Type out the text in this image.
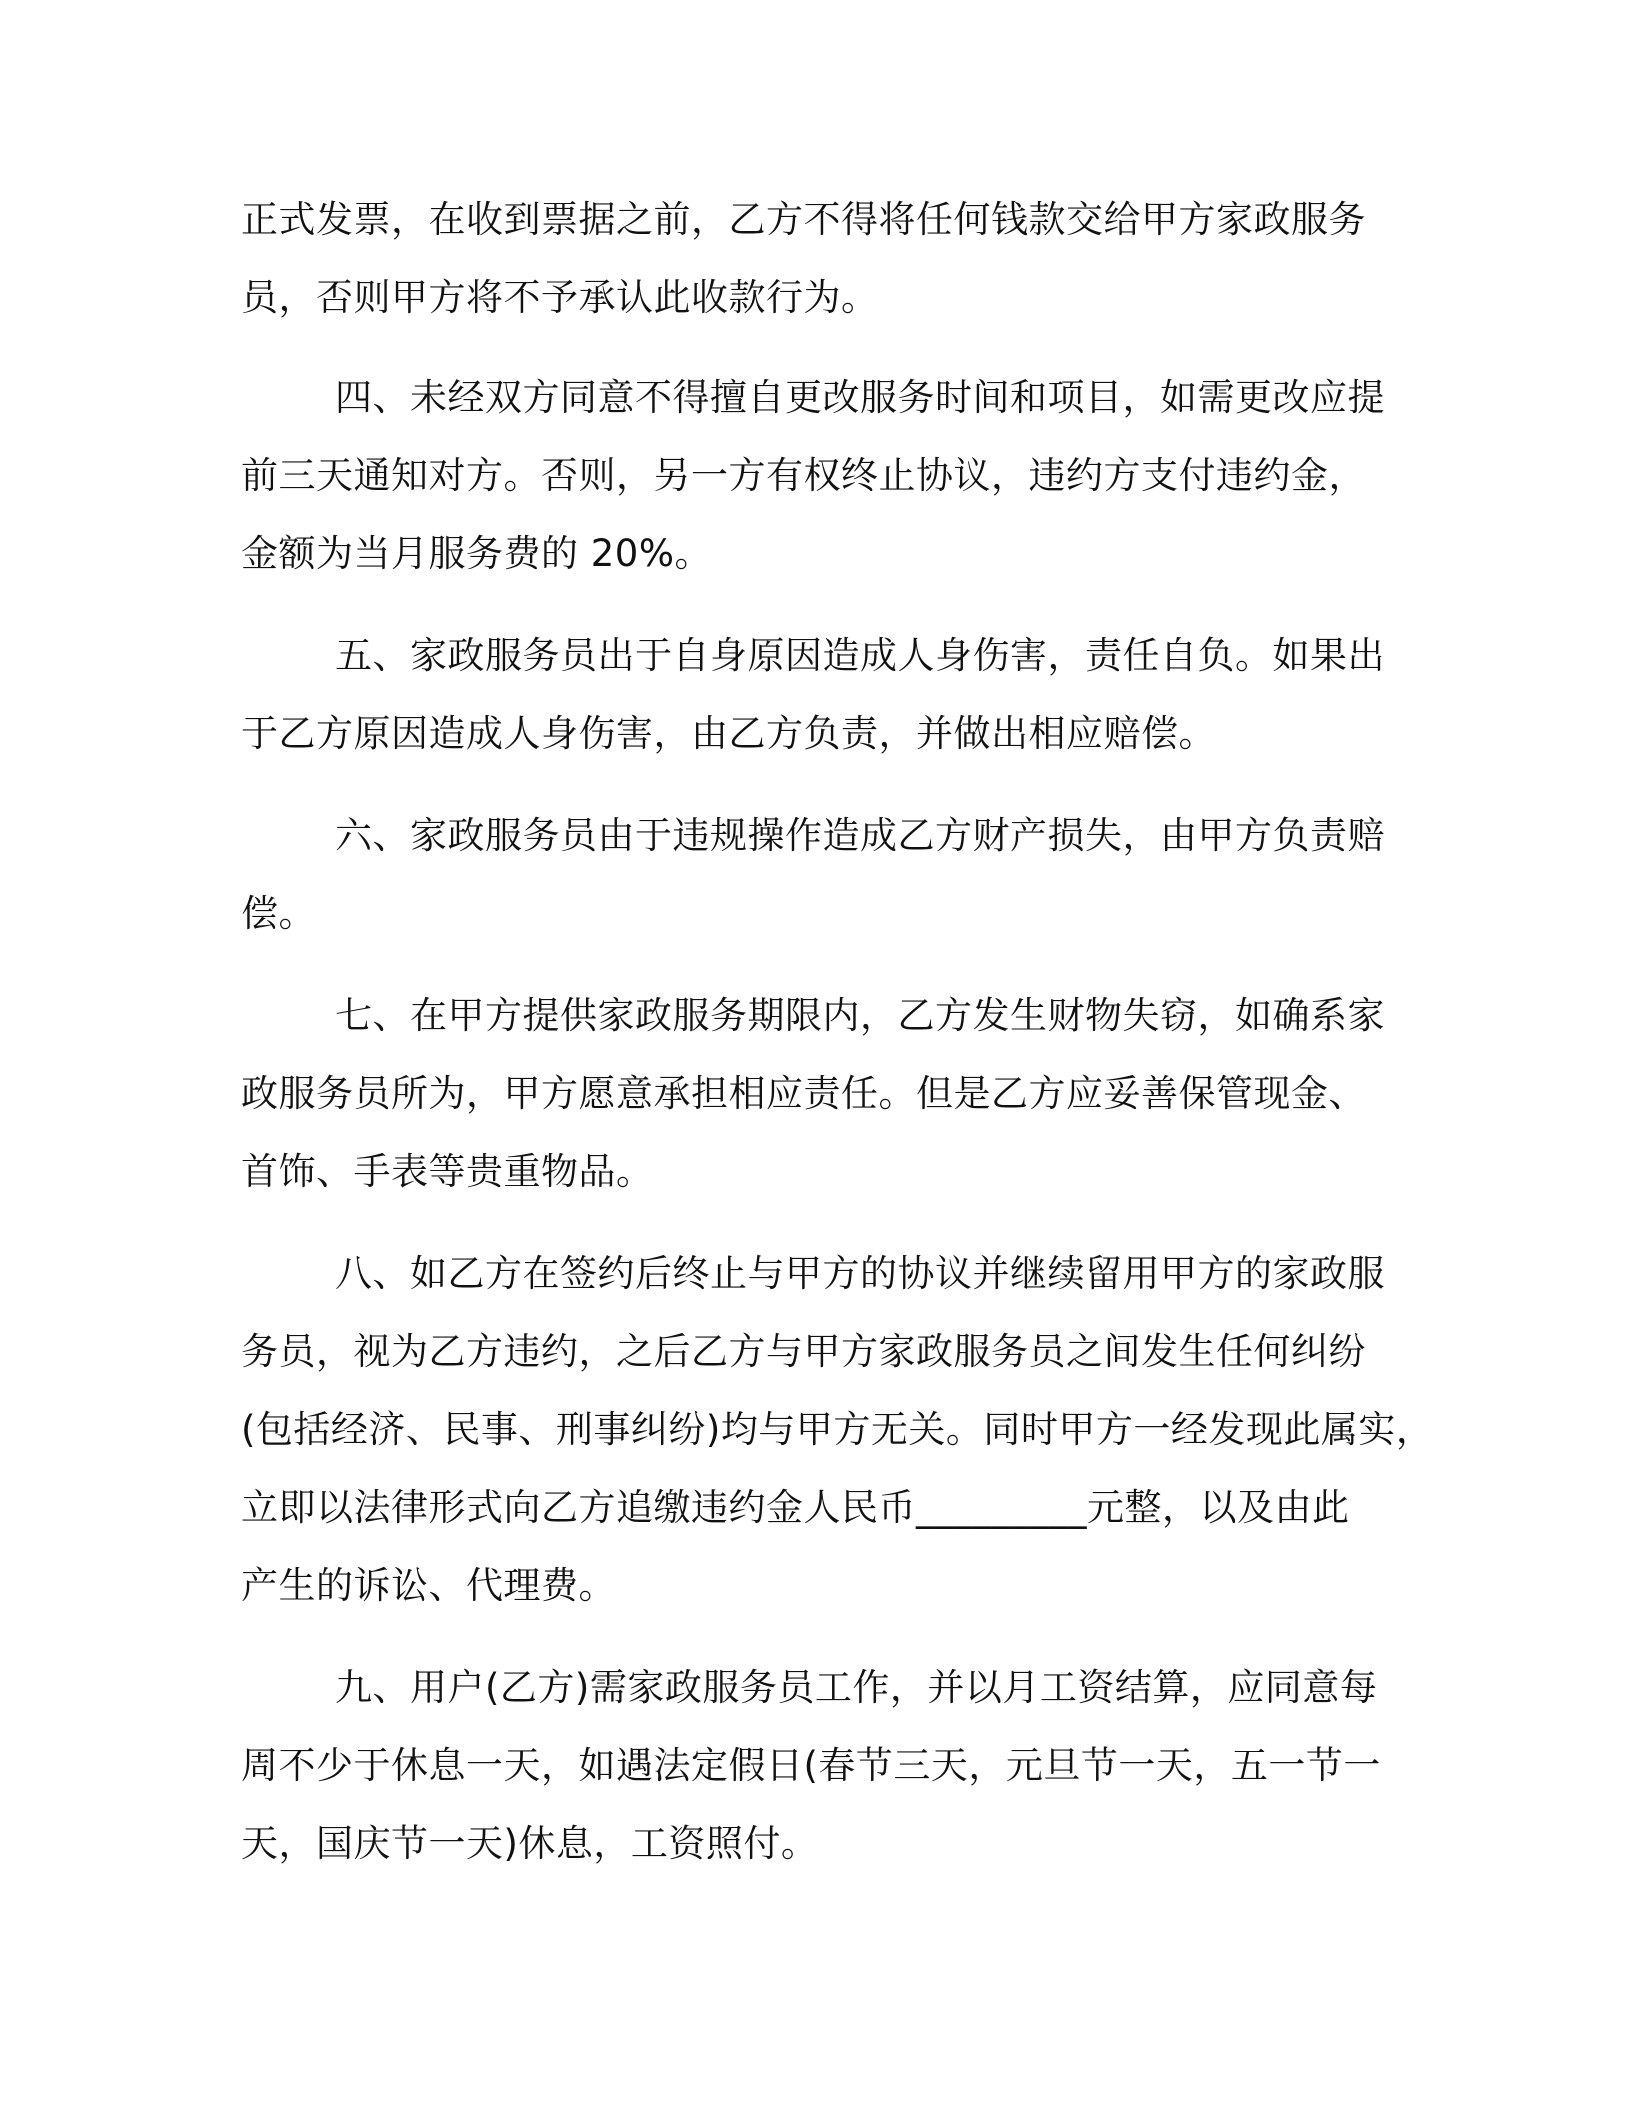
正式发票，在收到票据之前，乙方不得将任何钱款交给甲方家政服务
员，否则甲方将不予承认此收款行为。
四、未经双方同意不得擅自更改服务时间和项目，如需更改应提
前三天通知对方。否则，另一方有权终止协议，违约方支付违约金，
金额为当月服务费的 20%。
五、家政服务员出于自身原因造成人身伤害，责任自负。如果出
于乙方原因造成人身伤害，由乙方负责，并做出相应赔偿。
六、家政服务员由于违规操作造成乙方财产损失，由甲方负责赔
偿。
七、在甲方提供家政服务期限内，乙方发生财物失窃，如确系家
政服务员所为，甲方愿意承担相应责任。但是乙方应妥善保管现金、
首饰、手表等贵重物品。
八、如乙方在签约后终止与甲方的协议并继续留用甲方的家政服
务员，视为乙方违约，之后乙方与甲方家政服务员之间发生任何纠纷
(包括经济、民事、刑事纠纷)均与甲方无关。同时甲方一经发现此属实，
立即以法律形式向乙方追缴违约金人民币_________元整，以及由此
产生的诉讼、代理费。
九、用户(乙方)需家政服务员工作，并以月工资结算，应同意每
周不少于休息一天，如遇法定假日(春节三天，元旦节一天，五一节一
天，国庆节一天)休息，工资照付。
